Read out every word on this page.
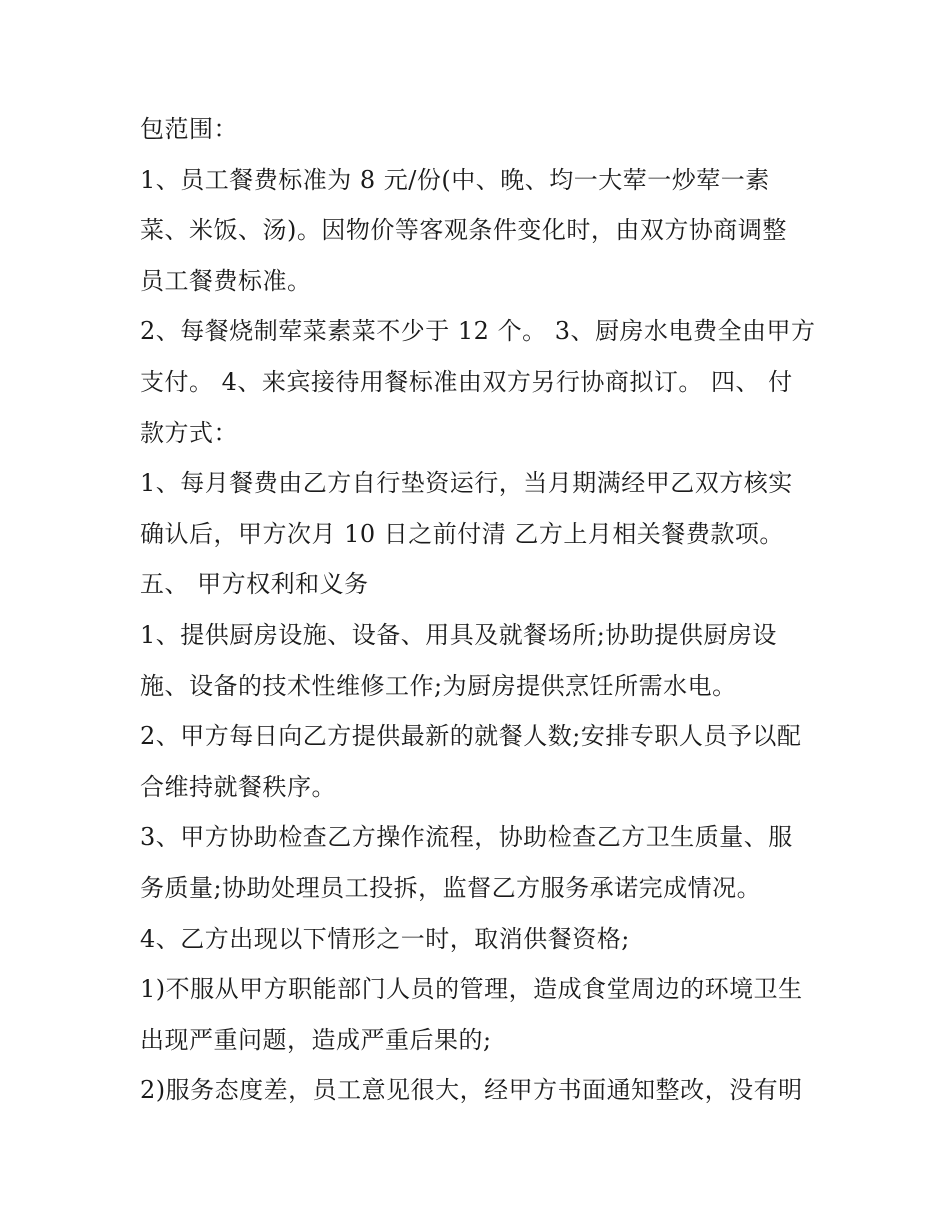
包范围：
1、员工餐费标准为 8 元/份(中、晚、均一大荤一炒荤一素
菜、米饭、汤)。因物价等客观条件变化时，由双方协商调整
员工餐费标准。
2、每餐烧制荤菜素菜不少于 12 个。 3、厨房水电费全由甲方
支付。 4、来宾接待用餐标准由双方另行协商拟订。 四、 付
款方式：
1、每月餐费由乙方自行垫资运行，当月期满经甲乙双方核实
确认后，甲方次月 10 日之前付清 乙方上月相关餐费款项。
五、 甲方权利和义务
1、提供厨房设施、设备、用具及就餐场所;协助提供厨房设
施、设备的技术性维修工作;为厨房提供烹饪所需水电。
2、甲方每日向乙方提供最新的就餐人数;安排专职人员予以配
合维持就餐秩序。
3、甲方协助检查乙方操作流程，协助检查乙方卫生质量、服
务质量;协助处理员工投拆，监督乙方服务承诺完成情况。
4、乙方出现以下情形之一时，取消供餐资格;
1)不服从甲方职能部门人员的管理，造成食堂周边的环境卫生
出现严重问题，造成严重后果的;
2)服务态度差，员工意见很大，经甲方书面通知整改，没有明
